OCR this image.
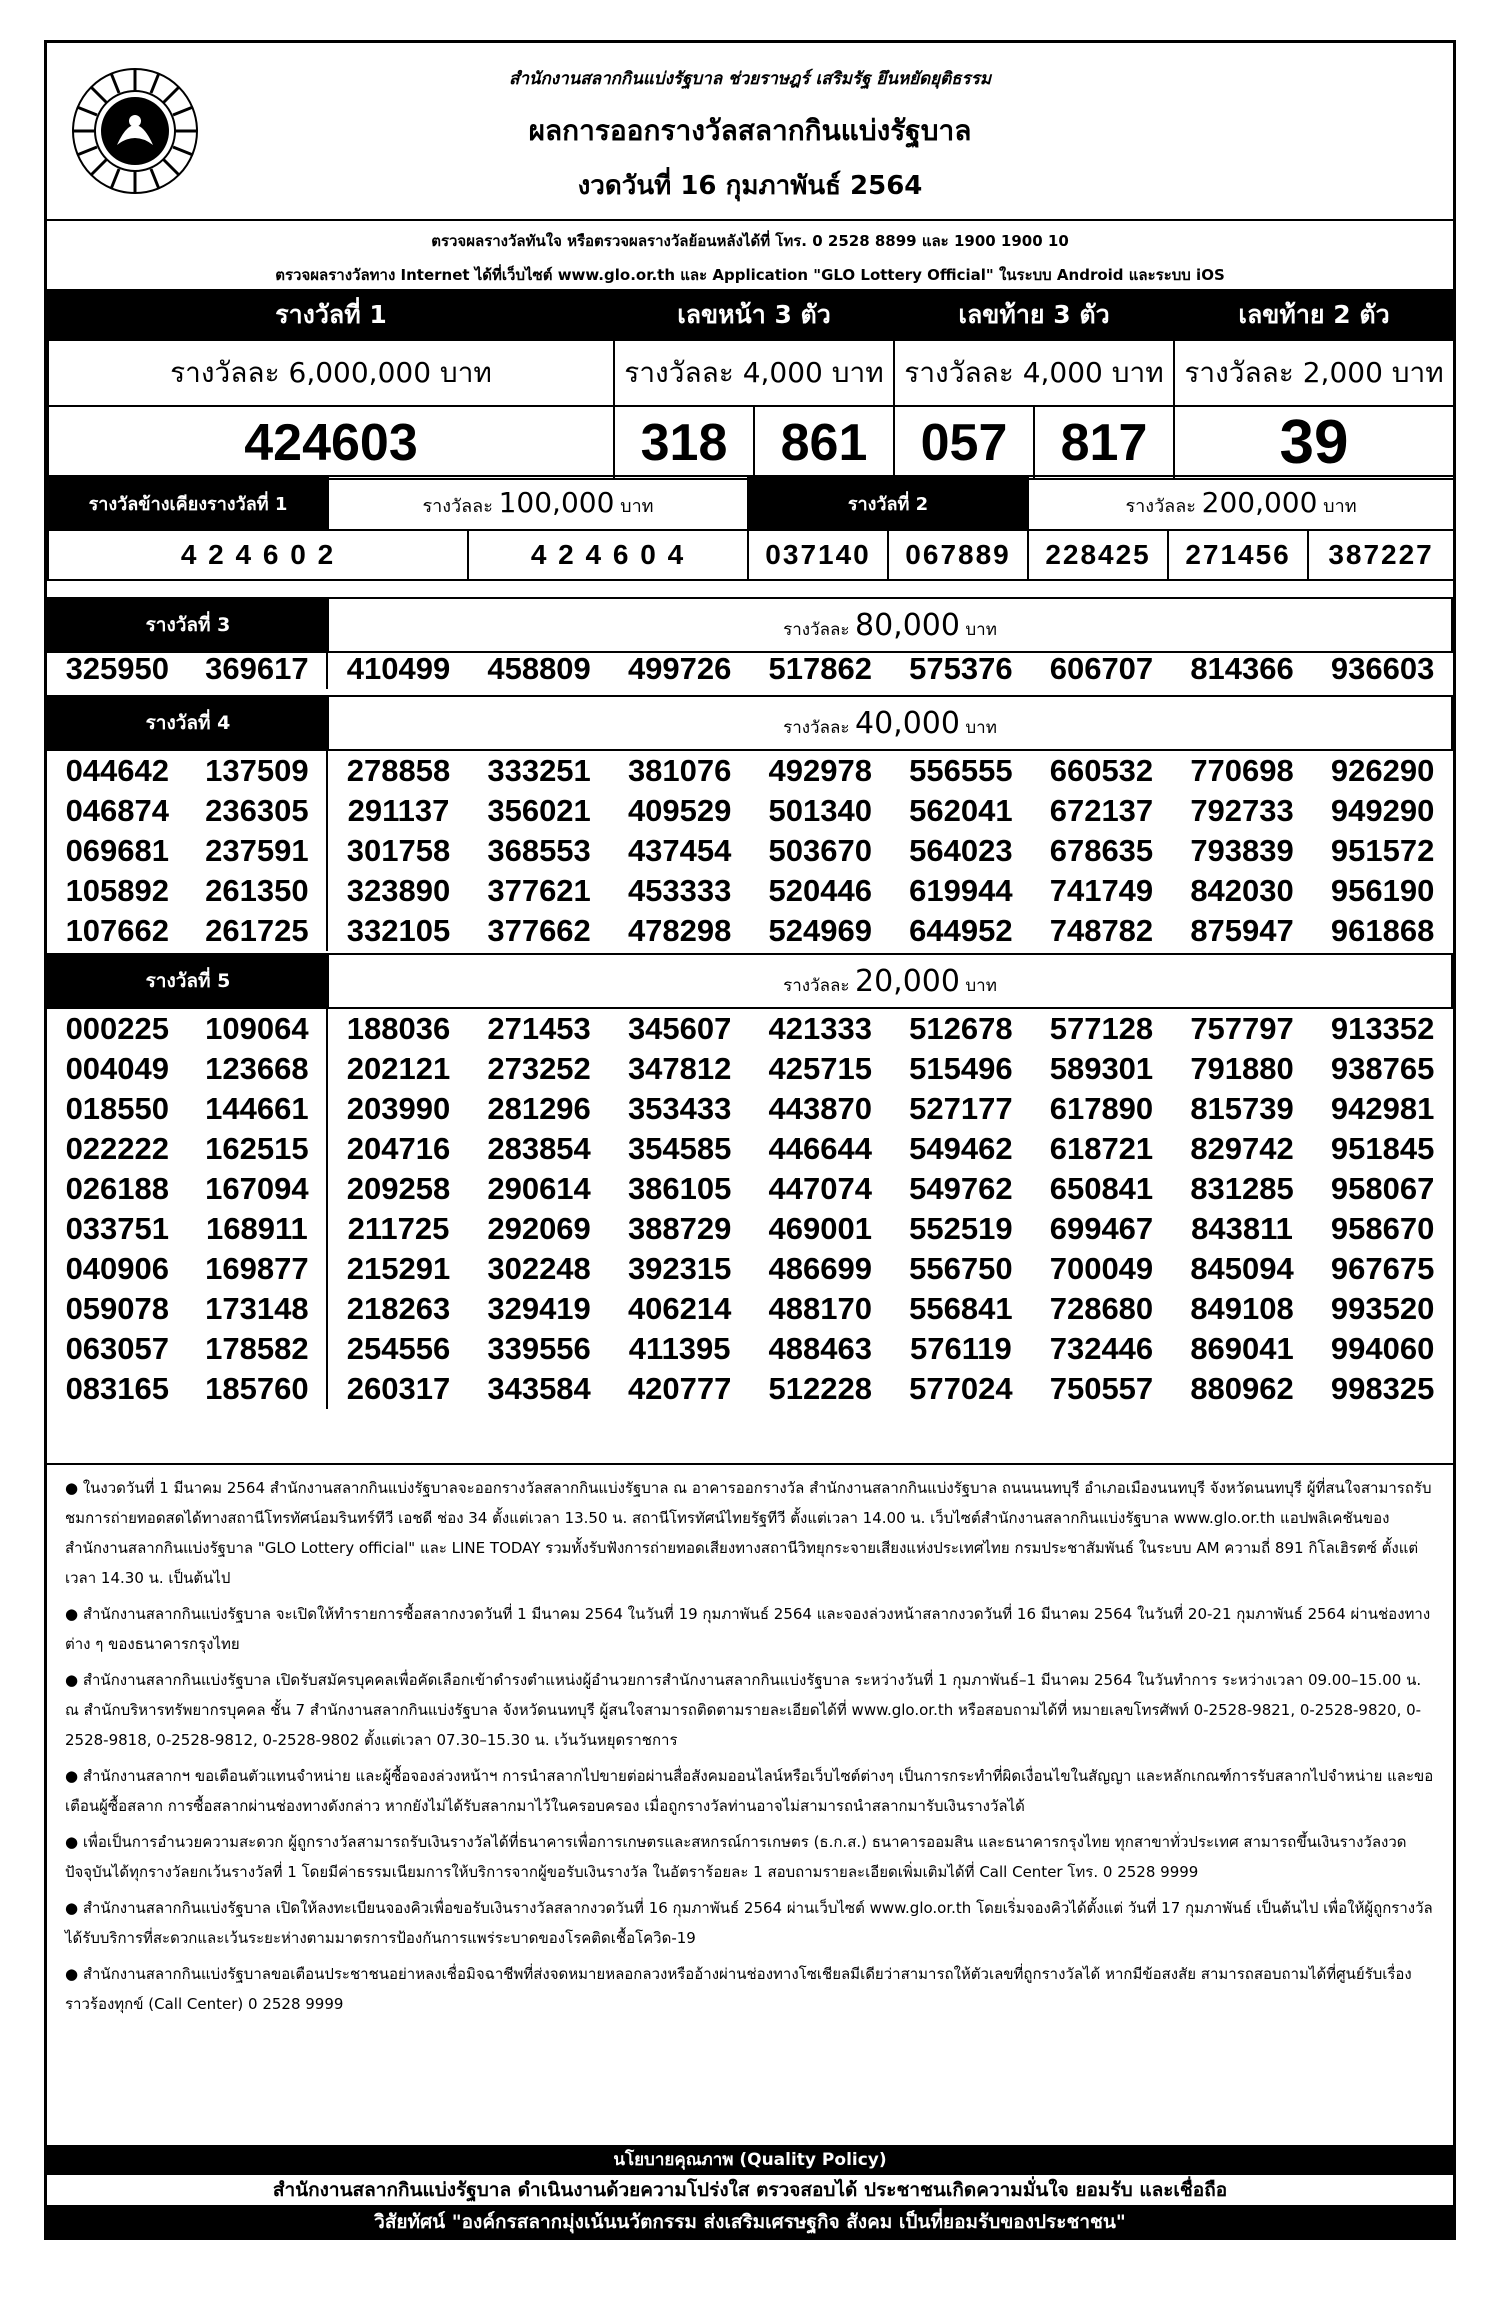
สำนักงานสลากกินแบ่งรัฐบาล ช่วยราษฎร์ เสริมรัฐ ยึนหยัดยุติธรรม
ผลการออกรางวัลสลากกินแบ่งรัฐบาล
งวดวันที่ 16 กุมภาพันธ์ 2564
ตรวจผลรางวัลทันใจ หรือตรวจผลรางวัลย้อนหลังได้ที่ โทร. 0 2528 8899 และ 1900 1900 10
ตรวจผลรางวัลทาง Internet ได้ที่เว็บไซต์ www.glo.or.th และ Application "GLO Lottery Official" ในระบบ Android และระบบ iOS
รางวัลที่ 1	เลขหน้า 3 ตัว		เลขท้าย 3 ตัว		เลขท้าย 2 ตัว
รางวัลละ 6,000,000 บาท	รางวัลละ 4,000 บาท		รางวัลละ 4,000 บาท		รางวัลละ 2,000 บาท
424603	318	861	057	817	39
รางวัลข้างเคียงรางวัลที่ 1	รางวัลละ 100,000 บาท		รางวัลที่ 2		รางวัลละ 200,000 บาท		
4 2 4 6 0 2		4 2 4 6 0 4	037140	067889	228425	271456	387227
รางวัลที่ 3	รางวัลละ 80,000 บาท
325950	369617	410499	458809	499726	517862	575376	606707	814366	936603
รางวัลที่ 4	รางวัลละ 40,000 บาท
044642	137509	278858	333251	381076	492978	556555	660532	770698	926290
046874	236305	291137	356021	409529	501340	562041	672137	792733	949290
069681	237591	301758	368553	437454	503670	564023	678635	793839	951572
105892	261350	323890	377621	453333	520446	619944	741749	842030	956190
107662	261725	332105	377662	478298	524969	644952	748782	875947	961868
รางวัลที่ 5	รางวัลละ 20,000 บาท
000225	109064	188036	271453	345607	421333	512678	577128	757797	913352
004049	123668	202121	273252	347812	425715	515496	589301	791880	938765
018550	144661	203990	281296	353433	443870	527177	617890	815739	942981
022222	162515	204716	283854	354585	446644	549462	618721	829742	951845
026188	167094	209258	290614	386105	447074	549762	650841	831285	958067
033751	168911	211725	292069	388729	469001	552519	699467	843811	958670
040906	169877	215291	302248	392315	486699	556750	700049	845094	967675
059078	173148	218263	329419	406214	488170	556841	728680	849108	993520
063057	178582	254556	339556	411395	488463	576119	732446	869041	994060
083165	185760	260317	343584	420777	512228	577024	750557	880962	998325
● ในงวดวันที่ 1 มีนาคม 2564 สำนักงานสลากกินแบ่งรัฐบาลจะออกรางวัลสลากกินแบ่งรัฐบาล ณ อาคารออกรางวัล สำนักงานสลากกินแบ่งรัฐบาล ถนนนนทบุรี อำเภอเมืองนนทบุรี จังหวัดนนทบุรี ผู้ที่สนใจสามารถรับชมการถ่ายทอดสดได้ทางสถานีโทรทัศน์อมรินทร์ทีวี เอชดี ช่อง 34 ตั้งแต่เวลา 13.50 น. สถานีโทรทัศน์ไทยรัฐทีวี ตั้งแต่เวลา 14.00 น. เว็บไซต์สำนักงานสลากกินแบ่งรัฐบาล www.glo.or.th แอปพลิเคชันของสำนักงานสลากกินแบ่งรัฐบาล "GLO Lottery official" และ LINE TODAY รวมทั้งรับฟังการถ่ายทอดเสียงทางสถานีวิทยุกระจายเสียงแห่งประเทศไทย กรมประชาสัมพันธ์ ในระบบ AM ความถี่ 891 กิโลเฮิรตซ์ ตั้งแต่เวลา 14.30 น. เป็นต้นไป
● สำนักงานสลากกินแบ่งรัฐบาล จะเปิดให้ทำรายการซื้อสลากงวดวันที่ 1 มีนาคม 2564 ในวันที่ 19 กุมภาพันธ์ 2564 และจองล่วงหน้าสลากงวดวันที่ 16 มีนาคม 2564 ในวันที่ 20-21 กุมภาพันธ์ 2564 ผ่านช่องทางต่าง ๆ ของธนาคารกรุงไทย
● สำนักงานสลากกินแบ่งรัฐบาล เปิดรับสมัครบุคคลเพื่อคัดเลือกเข้าดำรงตำแหน่งผู้อำนวยการสำนักงานสลากกินแบ่งรัฐบาล ระหว่างวันที่ 1 กุมภาพันธ์–1 มีนาคม 2564 ในวันทำการ ระหว่างเวลา 09.00–15.00 น. ณ สำนักบริหารทรัพยากรบุคคล ชั้น 7 สำนักงานสลากกินแบ่งรัฐบาล จังหวัดนนทบุรี ผู้สนใจสามารถติดตามรายละเอียดได้ที่ www.glo.or.th หรือสอบถามได้ที่ หมายเลขโทรศัพท์ 0-2528-9821, 0-2528-9820, 0-2528-9818, 0-2528-9812, 0-2528-9802 ตั้งแต่เวลา 07.30–15.30 น. เว้นวันหยุดราชการ
● สำนักงานสลากฯ ขอเตือนตัวแทนจำหน่าย และผู้ซื้อจองล่วงหน้าฯ การนำสลากไปขายต่อผ่านสื่อสังคมออนไลน์หรือเว็บไซต์ต่างๆ เป็นการกระทำที่ผิดเงื่อนไขในสัญญา และหลักเกณฑ์การรับสลากไปจำหน่าย และขอเตือนผู้ซื้อสลาก การซื้อสลากผ่านช่องทางดังกล่าว หากยังไม่ได้รับสลากมาไว้ในครอบครอง เมื่อถูกรางวัลท่านอาจไม่สามารถนำสลากมารับเงินรางวัลได้
● เพื่อเป็นการอำนวยความสะดวก ผู้ถูกรางวัลสามารถรับเงินรางวัลได้ที่ธนาคารเพื่อการเกษตรและสหกรณ์การเกษตร (ธ.ก.ส.) ธนาคารออมสิน และธนาคารกรุงไทย ทุกสาขาทั่วประเทศ สามารถขึ้นเงินรางวัลงวดปัจจุบันได้ทุกรางวัลยกเว้นรางวัลที่ 1 โดยมีค่าธรรมเนียมการให้บริการจากผู้ขอรับเงินรางวัล ในอัตราร้อยละ 1 สอบถามรายละเอียดเพิ่มเติมได้ที่ Call Center โทร. 0 2528 9999
● สำนักงานสลากกินแบ่งรัฐบาล เปิดให้ลงทะเบียนจองคิวเพื่อขอรับเงินรางวัลสลากงวดวันที่ 16 กุมภาพันธ์ 2564 ผ่านเว็บไซต์ www.glo.or.th โดยเริ่มจองคิวได้ตั้งแต่ วันที่ 17 กุมภาพันธ์ เป็นต้นไป เพื่อให้ผู้ถูกรางวัลได้รับบริการที่สะดวกและเว้นระยะห่างตามมาตรการป้องกันการแพร่ระบาดของโรคติดเชื้อโควิด-19
● สำนักงานสลากกินแบ่งรัฐบาลขอเตือนประชาชนอย่าหลงเชื่อมิจฉาชีพที่ส่งจดหมายหลอกลวงหรืออ้างผ่านช่องทางโซเชียลมีเดียว่าสามารถให้ตัวเลขที่ถูกรางวัลได้ หากมีข้อสงสัย สามารถสอบถามได้ที่ศูนย์รับเรื่องราวร้องทุกข์ (Call Center) 0 2528 9999
นโยบายคุณภาพ (Quality Policy)
สำนักงานสลากกินแบ่งรัฐบาล ดำเนินงานด้วยความโปร่งใส ตรวจสอบได้ ประชาชนเกิดความมั่นใจ ยอมรับ และเชื่อถือ
วิสัยทัศน์ "องค์กรสลากมุ่งเน้นนวัตกรรม ส่งเสริมเศรษฐกิจ สังคม เป็นที่ยอมรับของประชาชน"
